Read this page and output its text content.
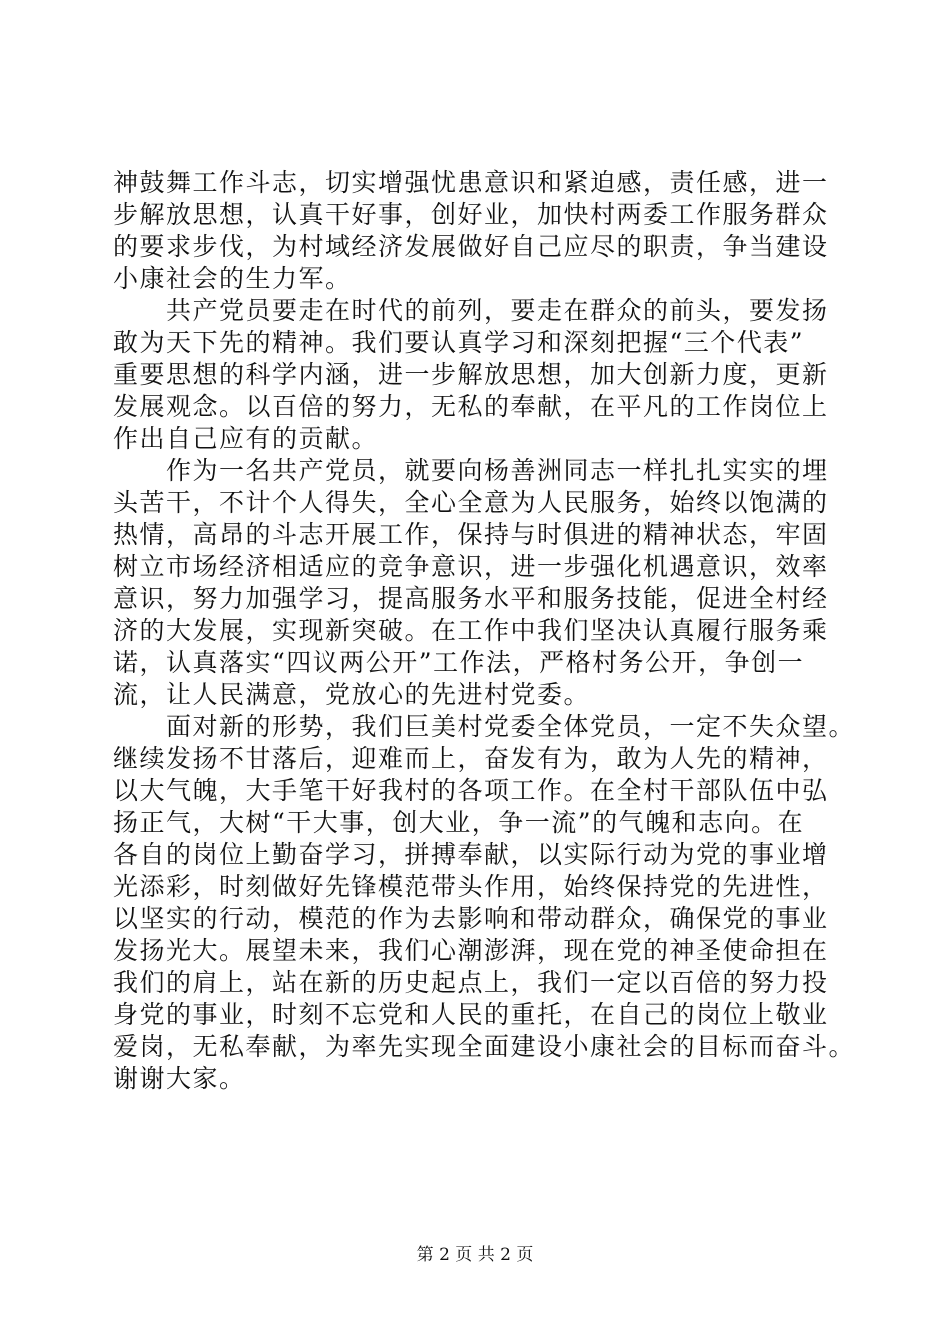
神鼓舞工作斗志，切实增强忧患意识和紧迫感，责任感，进一
步解放思想，认真干好事，创好业，加快村两委工作服务群众
的要求步伐，为村域经济发展做好自己应尽的职责，争当建设
小康社会的生力军。
　　共产党员要走在时代的前列，要走在群众的前头，要发扬
敢为天下先的精神。我们要认真学习和深刻把握“三个代表”
重要思想的科学内涵，进一步解放思想，加大创新力度，更新
发展观念。以百倍的努力，无私的奉献，在平凡的工作岗位上
作出自己应有的贡献。
　　作为一名共产党员，就要向杨善洲同志一样扎扎实实的埋
头苦干，不计个人得失，全心全意为人民服务，始终以饱满的
热情，高昂的斗志开展工作，保持与时俱进的精神状态，牢固
树立市场经济相适应的竞争意识，进一步强化机遇意识，效率
意识，努力加强学习，提高服务水平和服务技能，促进全村经
济的大发展，实现新突破。在工作中我们坚决认真履行服务乘
诺，认真落实“四议两公开”工作法，严格村务公开，争创一
流，让人民满意，党放心的先进村党委。
　　面对新的形势，我们巨美村党委全体党员，一定不失众望。
继续发扬不甘落后，迎难而上，奋发有为，敢为人先的精神，
以大气魄，大手笔干好我村的各项工作。在全村干部队伍中弘
扬正气，大树“干大事，创大业，争一流”的气魄和志向。在
各自的岗位上勤奋学习，拼搏奉献，以实际行动为党的事业增
光添彩，时刻做好先锋模范带头作用，始终保持党的先进性，
以坚实的行动，模范的作为去影响和带动群众，确保党的事业
发扬光大。展望未来，我们心潮澎湃，现在党的神圣使命担在
我们的肩上，站在新的历史起点上，我们一定以百倍的努力投
身党的事业，时刻不忘党和人民的重托，在自己的岗位上敬业
爱岗，无私奉献，为率先实现全面建设小康社会的目标而奋斗。
谢谢大家。
第 2 页 共 2 页
